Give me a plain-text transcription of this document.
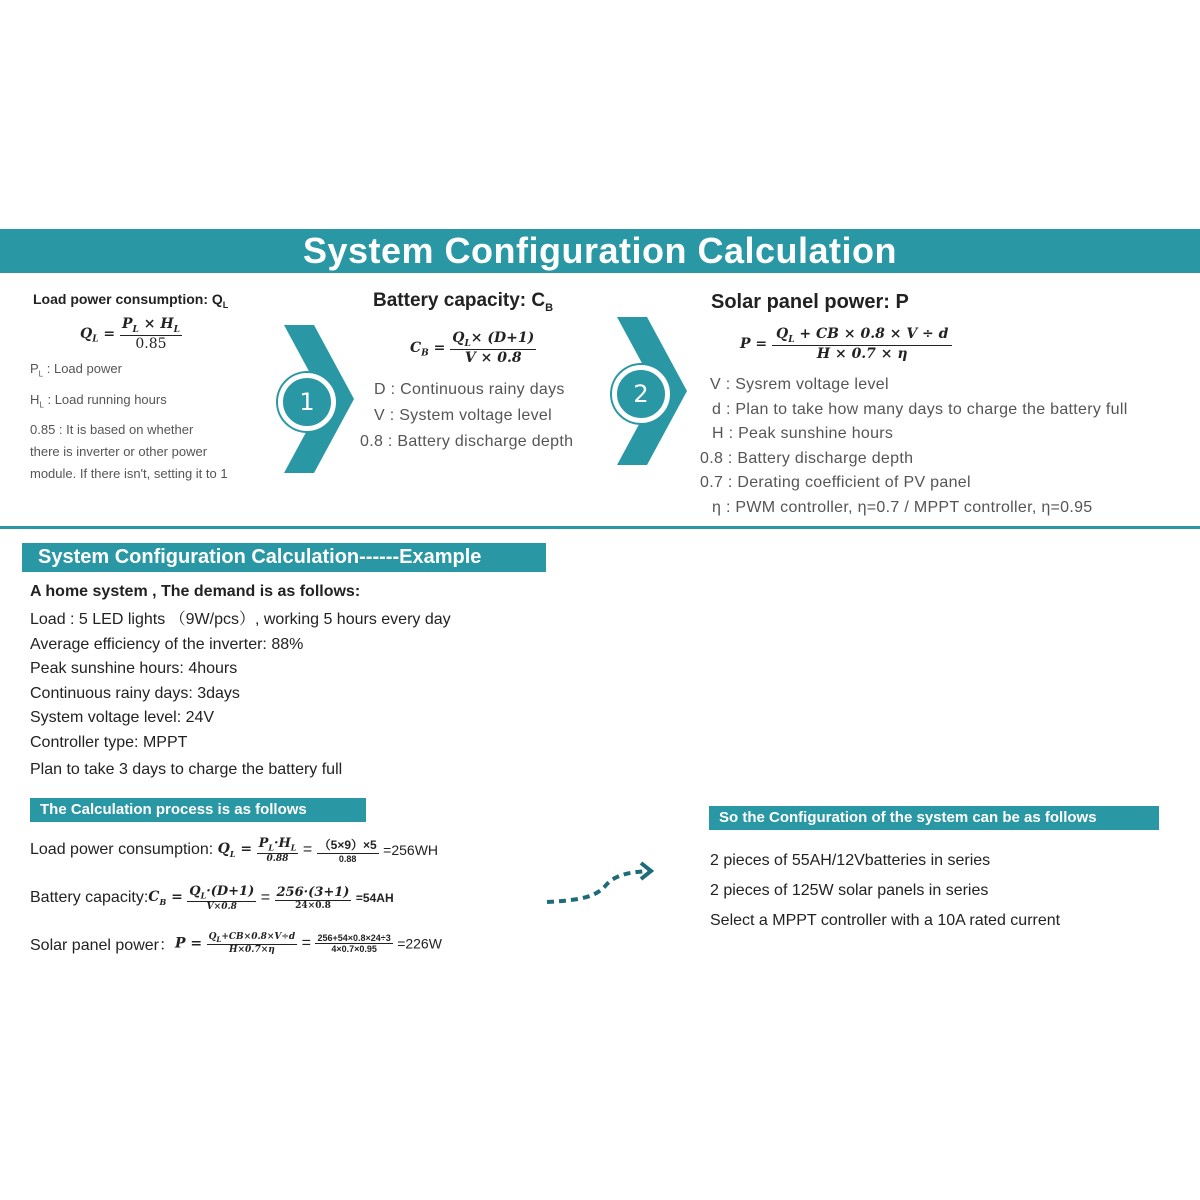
System Configuration Calculation
Load power consumption: $Q_L$
$Q_L = \frac{P_L \times H_L}{0.85}$
$P_L$ : Load power
$H_L$ : Load running hours
0.85 : It is based on whether
there is inverter or other power
module. If there isn't, setting it to 1
1
Battery capacity: $C_B$
$C_B = \frac{Q_L\times (D+1)}{V \times 0.8}$
D : Continuous rainy days
V : System voltage level
0.8 : Battery discharge depth
2
Solar panel power: P
$P = \frac{Q_L + CB \times 0.8 \times V \div d}{H \times 0.7 \times \eta}$
V : Sysrem voltage level
d : Plan to take how many days to charge the battery full
H : Peak sunshine hours
0.8 : Battery discharge depth
0.7 : Derating coefficient of PV panel
η : PWM controller, η=0.7 / MPPT controller, η=0.95
System Configuration Calculation------Example
A home system , The demand is as follows:
Load : 5 LED lights （9W/pcs）, working 5 hours every day
Average efficiency of the inverter: 88%
Peak sunshine hours: 4hours
Continuous rainy days: 3days
System voltage level: 24V
Controller type: MPPT
Plan to take 3 days to charge the battery full
The Calculation process is as follows
Load power consumption: $Q_L = \frac{P_L\cdot H_L}{0.88} = \frac{(5\times 9)\times 5}{0.88} =256WH$
Battery $capacity:C_B = \frac{Q_L\cdot(D+1)}{V\times 0.8} = \frac{256\cdot(3+1)}{24\times 0.8} =54AH$
Solar panel power：$P = \frac{Q_L+CB\times 0.8\times V\div d}{H\times 0.7\times\eta} = \frac{256+54\times 0.8\times 24\div 3}{4\times 0.7\times 0.95} =226W$
So the Configuration of the system can be as follows
2 pieces of 55AH/12Vbatteries in series
2 pieces of 125W solar panels in series
Select a MPPT controller with a 10A rated current
